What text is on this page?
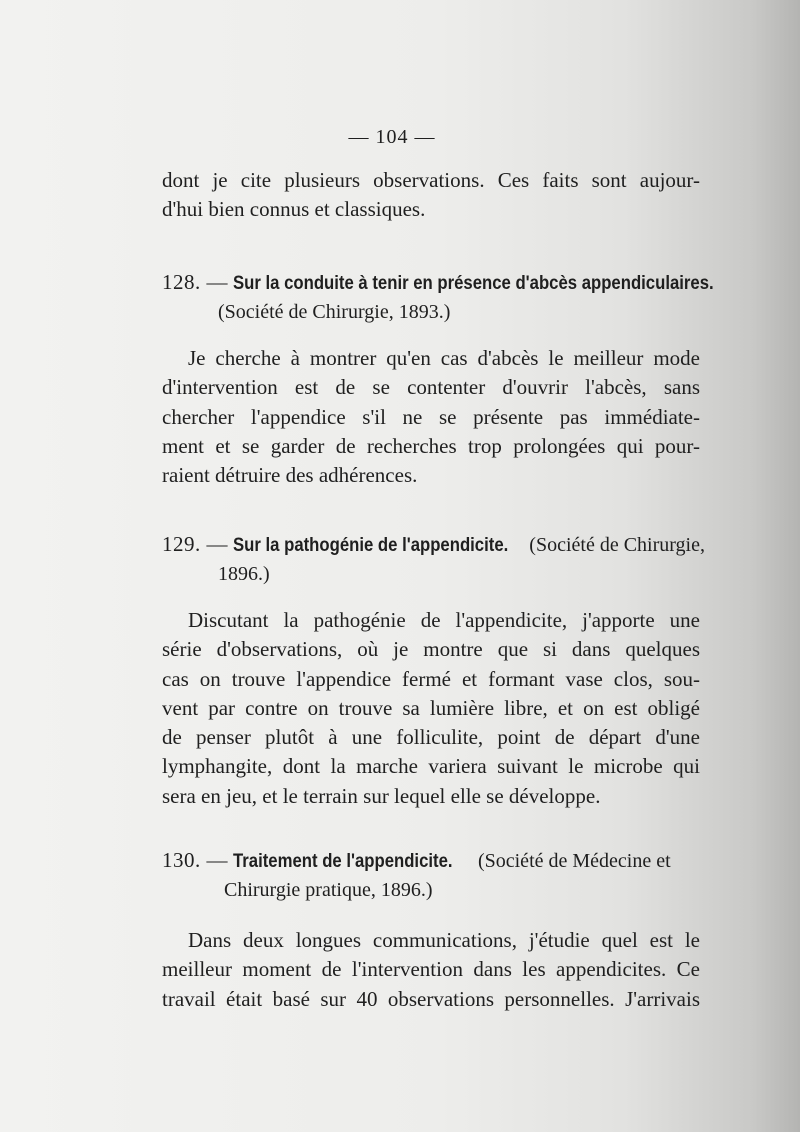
— 104 —
dont je cite plusieurs observations. Ces faits sont aujour-
d'hui bien connus et classiques.
128. — Sur la conduite à tenir en présence d'abcès appendiculaires.
(Société de Chirurgie, 1893.)
Je cherche à montrer qu'en cas d'abcès le meilleur mode
d'intervention est de se contenter d'ouvrir l'abcès, sans
chercher l'appendice s'il ne se présente pas immédiate-
ment et se garder de recherches trop prolongées qui pour-
raient détruire des adhérences.
129. — Sur la pathogénie de l'appendicite. (Société de Chirurgie,
1896.)
Discutant la pathogénie de l'appendicite, j'apporte une
série d'observations, où je montre que si dans quelques
cas on trouve l'appendice fermé et formant vase clos, sou-
vent par contre on trouve sa lumière libre, et on est obligé
de penser plutôt à une folliculite, point de départ d'une
lymphangite, dont la marche variera suivant le microbe qui
sera en jeu, et le terrain sur lequel elle se développe.
130. — Traitement de l'appendicite. (Société de Médecine et
Chirurgie pratique, 1896.)
Dans deux longues communications, j'étudie quel est le
meilleur moment de l'intervention dans les appendicites. Ce
travail était basé sur 40 observations personnelles. J'arrivais
